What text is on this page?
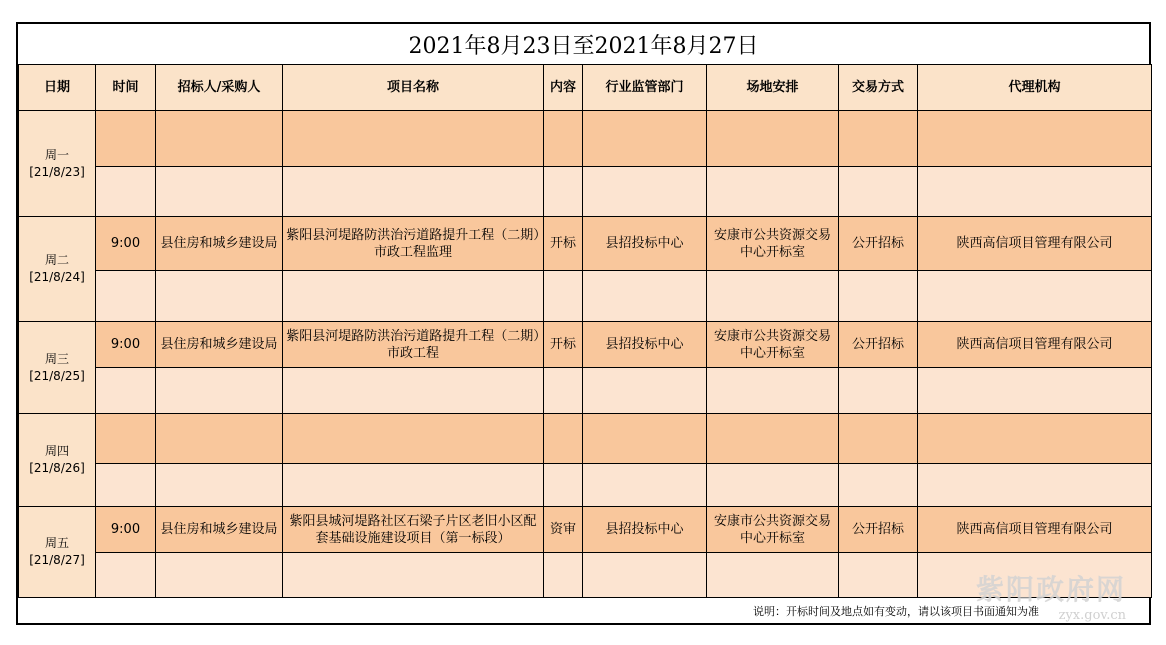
2021年8月23日至2021年8月27日
日期	时间	招标人/采购人	项目名称	内容	行业监管部门	场地安排	交易方式	代理机构

周一
[21/8/23]								

周二
[21/8/24]	9:00	县住房和城乡建设局	紫阳县河堤路防洪治污道路提升工程（二期）市政工程监理	开标	县招投标中心	安康市公共资源交易中心开标室	公开招标	陕西高信项目管理有限公司

周三
[21/8/25]	9:00	县住房和城乡建设局	紫阳县河堤路防洪治污道路提升工程（二期）市政工程	开标	县招投标中心	安康市公共资源交易中心开标室	公开招标	陕西高信项目管理有限公司

周四
[21/8/26]								

周五
[21/8/27]	9:00	县住房和城乡建设局	紫阳县城河堤路社区石梁子片区老旧小区配套基础设施建设项目（第一标段）	资审	县招投标中心	安康市公共资源交易中心开标室	公开招标	陕西高信项目管理有限公司

说明：开标时间及地点如有变动，请以该项目书面通知为准
紫阳政府网
zyx.gov.cn
